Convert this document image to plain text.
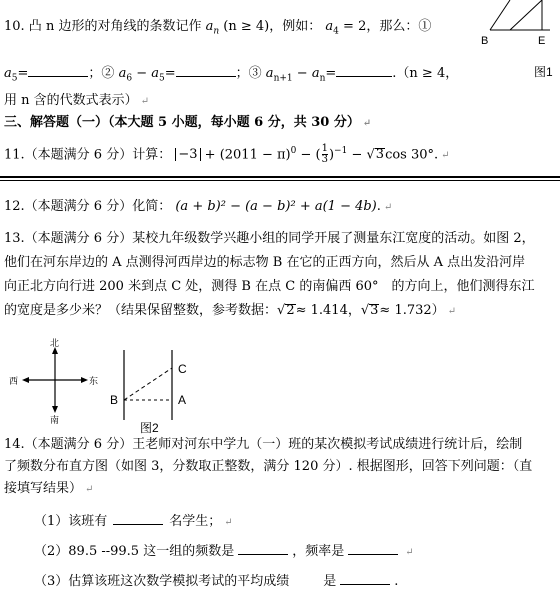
B	E
图1
10. 凸 n 边形的对角线的条数记作 $a_n$ (n ≥ 4)，例如： $a_4 = 2$，那么：①
$a_5=$	；② $a_6 - a_5=$	；③ $a_{n+1} - a_n=$	.（n ≥ 4，
用 n 含的代数式表示） ↵
三、解答题（一）（本大题 5 小题，每小题 6 分，共 30 分） ↵
11.（本题满分 6 分）计算： $-3 + (2011 - \pi)^0$ − ( $\frac{1}{3} )^{-1} - √3\cos$ 30°. ↵
12.（本题满分 6 分）化简： (a + b)² − (a − b)² + a(1 − 4b). ↵
13.（本题满分 6 分）某校九年级数学兴趣小组的同学开展了测量东江宽度的活动。如图 2，
他们在河东岸边的 A 点测得河西岸边的标志物 B 在它的正西方向，然后从 A 点出发沿河岸
向正北方向行进 200 米到点 C 处，测得 B 在点 C 的南偏西 60°　的方向上，他们测得东江
的宽度是多少米？（结果保留整数，参考数据：√2≈ 1.414，√3≈ 1.732） ↵
北
南
西	东
B	A
C
图2
14.（本题满分 6 分）王老师对河东中学九（一）班的某次模拟考试成绩进行统计后，绘制
了频数分布直方图（如图 3，分数取正整数，满分 120 分）. 根据图形，回答下列问题：（直
接填写结果） ↵
（1）该班有	名学生； ↵
（2）89.5 --99.5 这一组的频数是	，频率是	↵
（3）估算该班这次数学模拟考试的平均成绩	是	.
